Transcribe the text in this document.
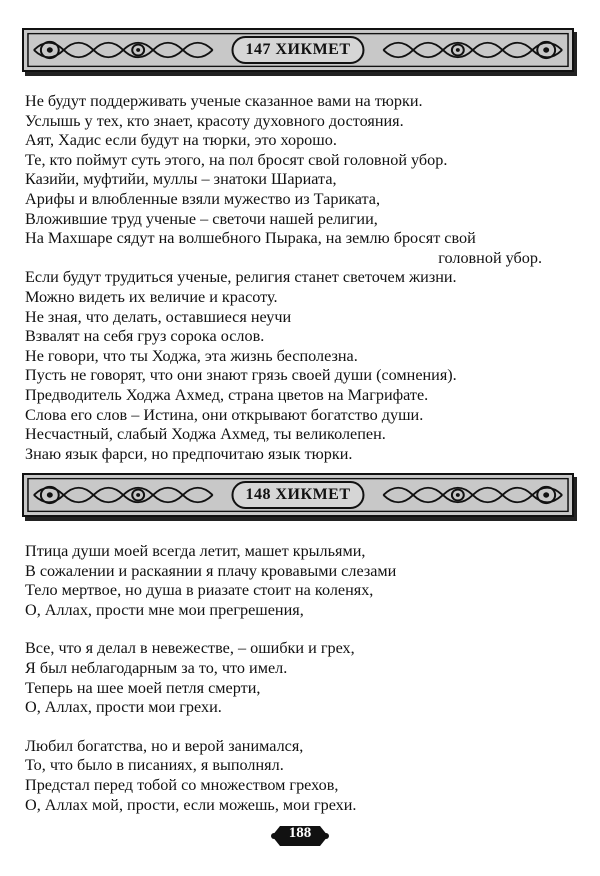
147 ХИКМЕТ
Не будут поддерживать ученые сказанное вами на тюрки.
Услышь у тех, кто знает, красоту духовного достояния.
Аят, Хадис если будут на тюрки, это хорошо.
Те, кто поймут суть этого, на пол бросят свой головной убор.
Казийи, муфтийи, муллы – знатоки Шариата,
Арифы и влюбленные взяли мужество из Тариката,
Вложившие труд ученые – светочи нашей религии,
На Махшаре сядут на волшебного Пырака, на землю бросят свой
головной убор.
Если будут трудиться ученые, религия станет светочем жизни.
Можно видеть их величие и красоту.
Не зная, что делать, оставшиеся неучи
Взвалят на себя груз сорока ослов.
Не говори, что ты Ходжа, эта жизнь бесполезна.
Пусть не говорят, что они знают грязь своей души (сомнения).
Предводитель Ходжа Ахмед, страна цветов на Магрифате.
Слова его слов – Истина, они открывают богатство души.
Несчастный, слабый Ходжа Ахмед, ты великолепен.
Знаю язык фарси, но предпочитаю язык тюрки.
148 ХИКМЕТ
Птица души моей всегда летит, машет крыльями,
В сожалении и раскаянии я плачу кровавыми слезами
Тело мертвое, но душа в риазате стоит на коленях,
О, Аллах, прости мне мои прегрешения,
Все, что я делал в невежестве, – ошибки и грех,
Я был неблагодарным за то, что имел.
Теперь на шее моей петля смерти,
О, Аллах, прости мои грехи.
Любил богатства, но и верой занимался,
То, что было в писаниях, я выполнял.
Предстал перед тобой со множеством грехов,
О, Аллах мой, прости, если можешь, мои грехи.
188
